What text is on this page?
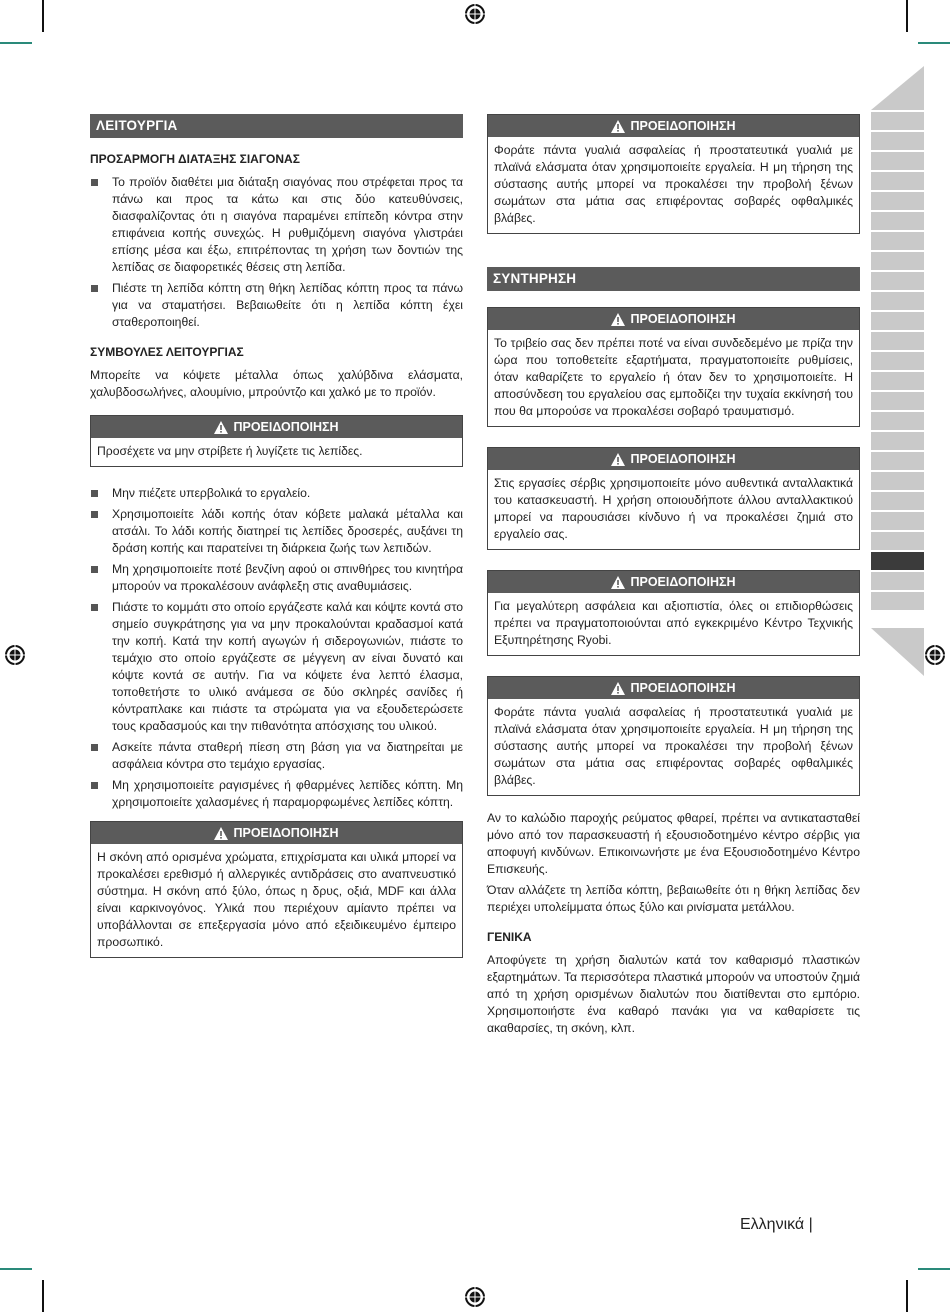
ΛΕΙΤΟΥΡΓΙΑ
ΠΡΟΣΑΡΜΟΓΗ ΔΙΑΤΑΞΗΣ ΣΙΑΓΟΝΑΣ
Το προϊόν διαθέτει μια διάταξη σιαγόνας που στρέφεται προς τα πάνω και προς τα κάτω και στις δύο κατευθύνσεις, διασφαλίζοντας ότι η σιαγόνα παραμένει επίπεδη κόντρα στην επιφάνεια κοπής συνεχώς. Η ρυθμιζόμενη σιαγόνα γλιστράει επίσης μέσα και έξω, επιτρέποντας τη χρήση των δοντιών της λεπίδας σε διαφορετικές θέσεις στη λεπίδα.
Πιέστε τη λεπίδα κόπτη στη θήκη λεπίδας κόπτη προς τα πάνω για να σταματήσει. Βεβαιωθείτε ότι η λεπίδα κόπτη έχει σταθεροποιηθεί.
ΣΥΜΒΟΥΛΕΣ ΛΕΙΤΟΥΡΓΙΑΣ

Μπορείτε να κόψετε μέταλλα όπως χαλύβδινα ελάσματα, χαλυβδοσωλήνες, αλουμίνιο, μπρούντζο και χαλκό με το προϊόν.

ΠΡΟΕΙΔΟΠΟΙΗΣΗ
Προσέχετε να μην στρίβετε ή λυγίζετε τις λεπίδες.
Μην πιέζετε υπερβολικά το εργαλείο.
Χρησιμοποιείτε λάδι κοπής όταν κόβετε μαλακά μέταλλα και ατσάλι. Το λάδι κοπής διατηρεί τις λεπίδες δροσερές, αυξάνει τη δράση κοπής και παρατείνει τη διάρκεια ζωής των λεπιδών.
Μη χρησιμοποιείτε ποτέ βενζίνη αφού οι σπινθήρες του κινητήρα μπορούν να προκαλέσουν ανάφλεξη στις αναθυμιάσεις.
Πιάστε το κομμάτι στο οποίο εργάζεστε καλά και κόψτε κοντά στο σημείο συγκράτησης για να μην προκαλούνται κραδασμοί κατά την κοπή. Κατά την κοπή αγωγών ή σιδερογωνιών, πιάστε το τεμάχιο στο οποίο εργάζεστε σε μέγγενη αν είναι δυνατό και κόψτε κοντά σε αυτήν. Για να κόψετε ένα λεπτό έλασμα, τοποθετήστε το υλικό ανάμεσα σε δύο σκληρές σανίδες ή κόντραπλακε και πιάστε τα στρώματα για να εξουδετερώσετε τους κραδασμούς και την πιθανότητα απόσχισης του υλικού.
Ασκείτε πάντα σταθερή πίεση στη βάση για να διατηρείται με ασφάλεια κόντρα στο τεμάχιο εργασίας.
Μη χρησιμοποιείτε ραγισμένες ή φθαρμένες λεπίδες κόπτη. Μη χρησιμοποιείτε χαλασμένες ή παραμορφωμένες λεπίδες κόπτη.
ΠΡΟΕΙΔΟΠΟΙΗΣΗ
Η σκόνη από ορισμένα χρώματα, επιχρίσματα και υλικά μπορεί να προκαλέσει ερεθισμό ή αλλεργικές αντιδράσεις στο αναπνευστικό σύστημα. Η σκόνη από ξύλο, όπως η δρυς, οξιά, MDF και άλλα είναι καρκινογόνος. Υλικά που περιέχουν αμίαντο πρέπει να υποβάλλονται σε επεξεργασία μόνο από εξειδικευμένο έμπειρο προσωπικό.
ΠΡΟΕΙΔΟΠΟΙΗΣΗ
Φοράτε πάντα γυαλιά ασφαλείας ή προστατευτικά γυαλιά με πλαϊνά ελάσματα όταν χρησιμοποιείτε εργαλεία. Η μη τήρηση της σύστασης αυτής μπορεί να προκαλέσει την προβολή ξένων σωμάτων στα μάτια σας επιφέροντας σοβαρές οφθαλμικές βλάβες.
ΣΥΝΤΗΡΗΣΗ
ΠΡΟΕΙΔΟΠΟΙΗΣΗ
Το τριβείο σας δεν πρέπει ποτέ να είναι συνδεδεμένο με πρίζα την ώρα που τοποθετείτε εξαρτήματα, πραγματοποιείτε ρυθμίσεις, όταν καθαρίζετε το εργαλείο ή όταν δεν το χρησιμοποιείτε. Η αποσύνδεση του εργαλείου σας εμποδίζει την τυχαία εκκίνησή του που θα μπορούσε να προκαλέσει σοβαρό τραυματισμό.
ΠΡΟΕΙΔΟΠΟΙΗΣΗ
Στις εργασίες σέρβις χρησιμοποιείτε μόνο αυθεντικά ανταλλακτικά του κατασκευαστή. Η χρήση οποιουδήποτε άλλου ανταλλακτικού μπορεί να παρουσιάσει κίνδυνο ή να προκαλέσει ζημιά στο εργαλείο σας.
ΠΡΟΕΙΔΟΠΟΙΗΣΗ
Για μεγαλύτερη ασφάλεια και αξιοπιστία, όλες οι επιδιορθώσεις πρέπει να πραγματοποιούνται από εγκεκριμένο Κέντρο Τεχνικής Εξυπηρέτησης Ryobi.
ΠΡΟΕΙΔΟΠΟΙΗΣΗ
Φοράτε πάντα γυαλιά ασφαλείας ή προστατευτικά γυαλιά με πλαϊνά ελάσματα όταν χρησιμοποιείτε εργαλεία. Η μη τήρηση της σύστασης αυτής μπορεί να προκαλέσει την προβολή ξένων σωμάτων στα μάτια σας επιφέροντας σοβαρές οφθαλμικές βλάβες.

Αν το καλώδιο παροχής ρεύματος φθαρεί, πρέπει να αντικατασταθεί μόνο από τον παρασκευαστή ή εξουσιοδοτημένο κέντρο σέρβις για αποφυγή κινδύνων. Επικοινωνήστε με ένα Εξουσιοδοτημένο Κέντρο Επισκευής.

Όταν αλλάζετε τη λεπίδα κόπτη, βεβαιωθείτε ότι η θήκη λεπίδας δεν περιέχει υπολείμματα όπως ξύλο και ρινίσματα μετάλλου.

ΓΕΝΙΚΑ

Αποφύγετε τη χρήση διαλυτών κατά τον καθαρισμό πλαστικών εξαρτημάτων. Τα περισσότερα πλαστικά μπορούν να υποστούν ζημιά από τη χρήση ορισμένων διαλυτών που διατίθενται στο εμπόριο. Χρησιμοποιήστε ένα καθαρό πανάκι για να καθαρίσετε τις ακαθαρσίες, τη σκόνη, κλπ.

Ελληνικά |
